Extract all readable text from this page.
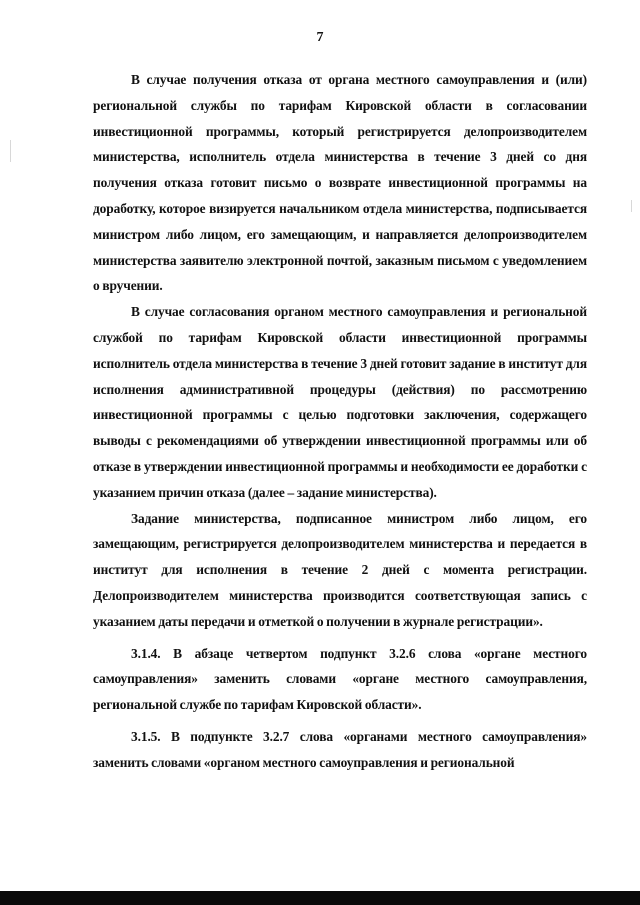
7

В случае получения отказа от органа местного самоуправления и (или) региональной службы по тарифам Кировской области в согласовании инвестиционной программы, который регистрируется делопроизводителем министерства, исполнитель отдела министерства в течение 3 дней со дня получения отказа готовит письмо о возврате инвестиционной программы на доработку, которое визируется начальником отдела министерства, подписывается министром либо лицом, его замещающим, и направляется делопроизводителем министерства заявителю электронной почтой, заказным письмом с уведомлением о вручении.

В случае согласования органом местного самоуправления и региональной службой по тарифам Кировской области инвестиционной программы исполнитель отдела министерства в течение 3 дней готовит задание в институт для исполнения административной процедуры (действия) по рассмотрению инвестиционной программы с целью подготовки заключения, содержащего выводы с рекомендациями об утверждении инвестиционной программы или об отказе в утверждении инвестиционной программы и необходимости ее доработки с указанием причин отказа (далее – задание министерства).

Задание министерства, подписанное министром либо лицом, его замещающим, регистрируется делопроизводителем министерства и передается в институт для исполнения в течение 2 дней с момента регистрации. Делопроизводителем министерства производится соответствующая запись с указанием даты передачи и отметкой о получении в журнале регистрации».

3.1.4. В абзаце четвертом подпункт 3.2.6 слова «органе местного самоуправления» заменить словами «органе местного самоуправления, региональной службе по тарифам Кировской области».

3.1.5. В подпункте 3.2.7 слова «органами местного самоуправления» заменить словами «органом местного самоуправления и региональной
